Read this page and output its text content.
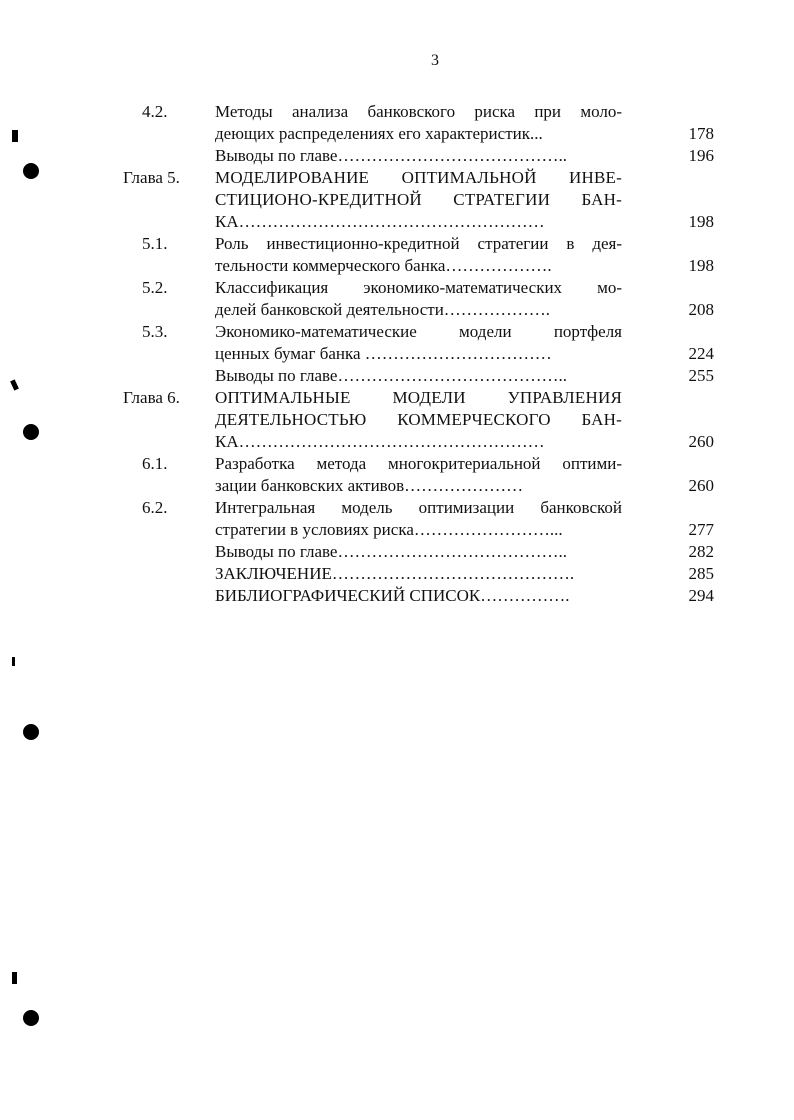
3
4.2.	Методы анализа банковского риска при моло-
деющих распределениях его характеристик...	178
Выводы по главе…………………………………..	196
Глава 5. МОДЕЛИРОВАНИЕ ОПТИМАЛЬНОЙ ИНВЕ-
СТИЦИОНО-КРЕДИТНОЙ СТРАТЕГИИ БАН-
КА………………………………………………	198
5.1.	Роль инвестиционно-кредитной стратегии в дея-
тельности коммерческого банка……………….	198
5.2.	Классификация экономико-математических мо-
делей банковской деятельности……………….	208
5.3.	Экономико-математические модели портфеля
ценных бумаг банка ……………………………	224
Выводы по главе…………………………………..	255
Глава 6. ОПТИМАЛЬНЫЕ МОДЕЛИ УПРАВЛЕНИЯ
ДЕЯТЕЛЬНОСТЬЮ КОММЕРЧЕСКОГО БАН-
КА………………………………………………	260
6.1.	Разработка метода многокритериальной оптими-
зации банковских активов…………………	260
6.2.	Интегральная модель оптимизации банковской
стратегии в условиях риска……………………...	277
Выводы по главе…………………………………..	282
ЗАКЛЮЧЕНИЕ…………………………………….	285
БИБЛИОГРАФИЧЕСКИЙ СПИСОК…………….	294
